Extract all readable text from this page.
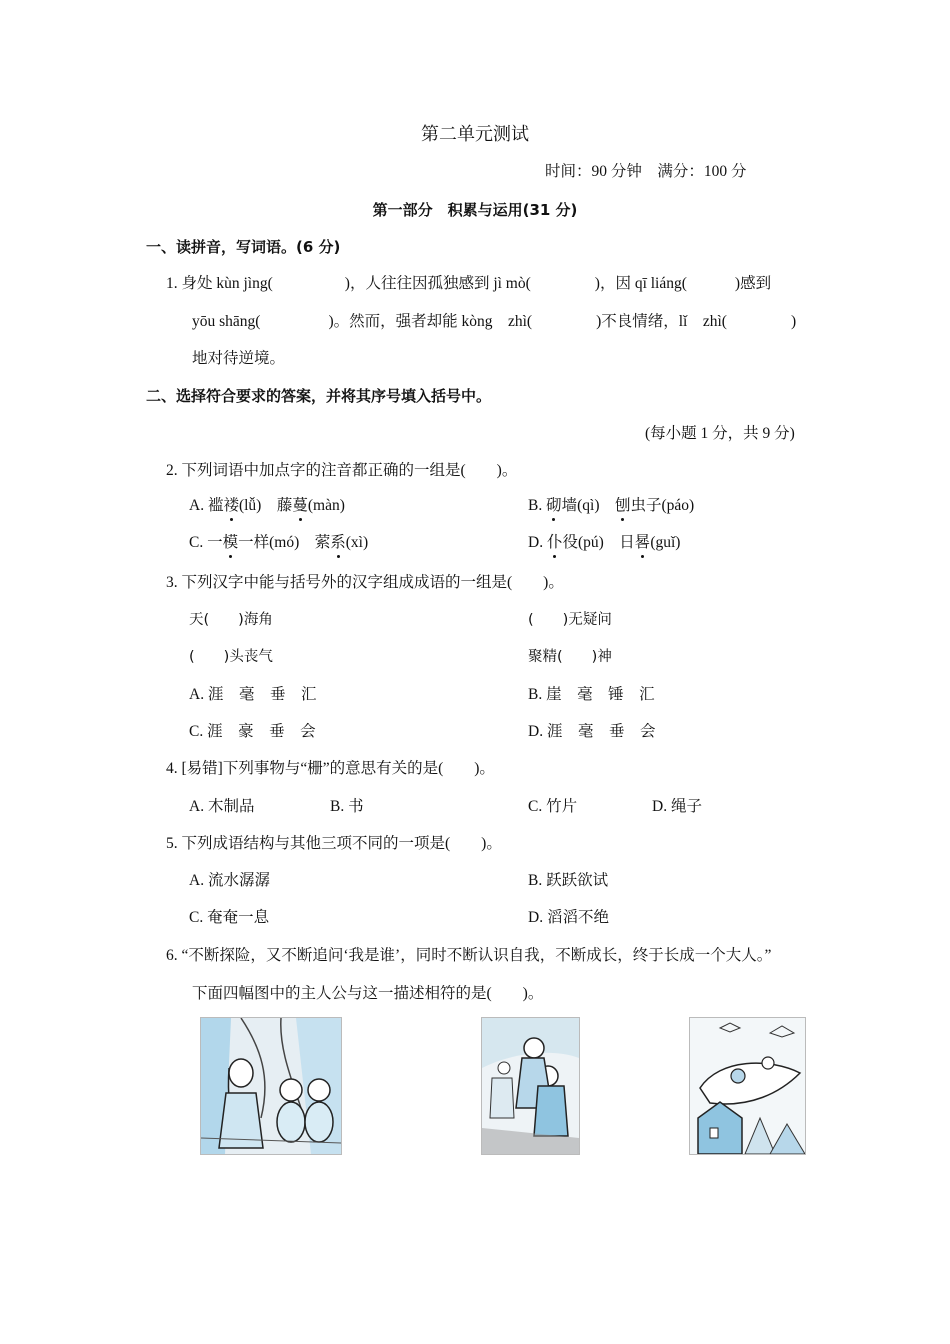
第二单元测试
时间：90 分钟　满分：100 分
第一部分　积累与运用(31 分)
一、读拼音，写词语。(6 分)
1. 身处 kùn jìng(	)，人往往因孤独感到 jì mò(	)，因 qī liáng(	)感到
yōu shāng(	)。然而，强者却能 kòng　zhì(	)不良情绪，lǐ　zhì(	)
地对待逆境。
二、选择符合要求的答案，并将其序号填入括号中。
(每小题 1 分，共 9 分)
2. 下列词语中加点字的注音都正确的一组是(　　)。
A. 褴褛(lǚ)　藤蔓(màn)	B. 砌墙(qì)　刨虫子(páo)
C. 一模一样(mó)　萦系(xì)	D. 仆役(pú)　日晷(guǐ)
3. 下列汉字中能与括号外的汉字组成成语的一组是(　　)。
天(　　)海角	(　　)无疑问
(　　)头丧气	聚精(　　)神
A. 涯　毫　垂　汇	B. 崖　毫　锤　汇
C. 涯　豪　垂　会	D. 涯　毫　垂　会
4. [易错]下列事物与“栅”的意思有关的是(　　)。
A. 木制品	B. 书	C. 竹片	D. 绳子
5. 下列成语结构与其他三项不同的一项是(　　)。
A. 流水潺潺	B. 跃跃欲试
C. 奄奄一息	D. 滔滔不绝
6. “不断探险，又不断追问‘我是谁’，同时不断认识自我，不断成长，终于长成一个大人。”
下面四幅图中的主人公与这一描述相符的是(　　)。
